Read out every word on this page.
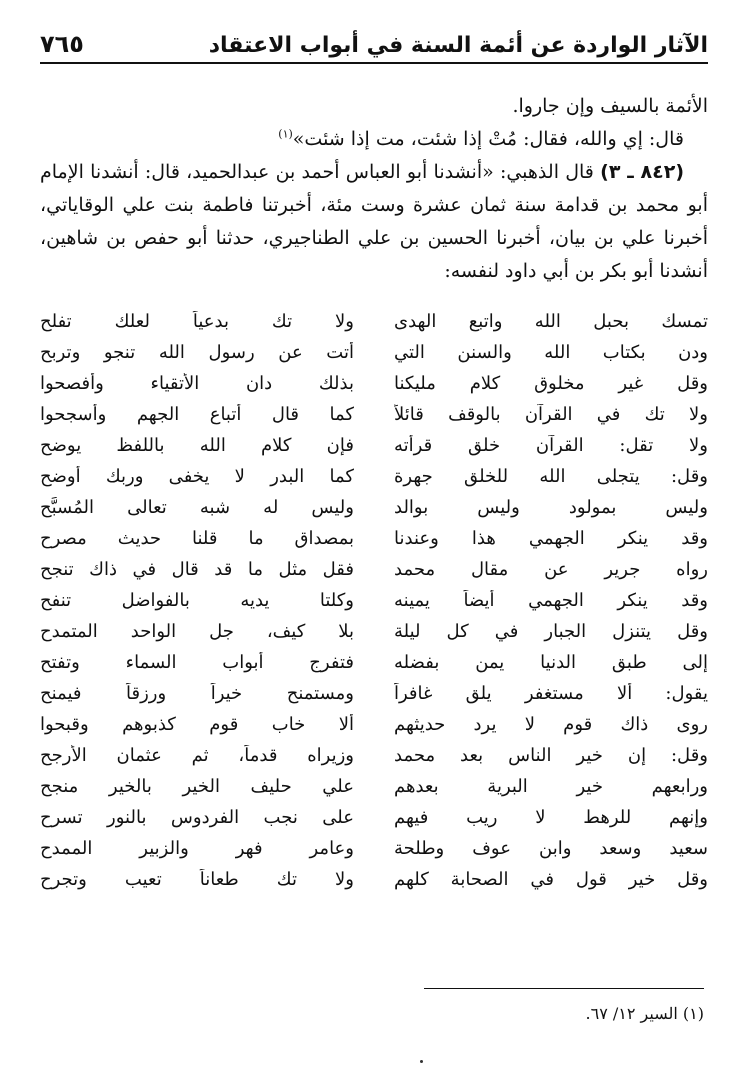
الآثار الواردة عن أئمة السنة في أبواب الاعتقاد
٧٦٥

الأئمة بالسيف وإن جاروا.

قال: إي والله، فقال: مُتْ إذا شئت، مت إذا شئت»$^{(١)}$

(٨٤٢ ـ ٣) قال الذهبي: «أنشدنا أبو العباس أحمد بن عبدالحميد، قال: أنشدنا الإمام أبو محمد بن قدامة سنة ثمان عشرة وست مئة، أخبرتنا فاطمة بنت علي الوقاياتي، أخبرنا علي بن بيان، أخبرنا الحسين بن علي الطناجيري، حدثنا أبو حفص بن شاهين، أنشدنا أبو بكر بن أبي داود لنفسه:

تمسك بحبل الله واتبع الهدى
ولا تك بدعياً لعلك تفلح
ودن بكتاب الله والسنن التي
أتت عن رسول الله تنجو وتربح
وقل غير مخلوق كلام مليكنا
بذلك دان الأتقياء وأفصحوا
ولا تك في القرآن بالوقف قائلاً
كما قال أتباع الجهم وأسجحوا
ولا تقل: القرآن خلق قرأته
فإن كلام الله باللفظ يوضح
وقل: يتجلى الله للخلق جهرة
كما البدر لا يخفى وربك أوضح
وليس بمولود وليس بوالد
وليس له شبه تعالى المُسبَّح
وقد ينكر الجهمي هذا وعندنا
بمصداق ما قلنا حديث مصرح
رواه جرير عن مقال محمد
فقل مثل ما قد قال في ذاك تنجح
وقد ينكر الجهمي أيضاً يمينه
وكلتا يديه بالفواضل تنفح
وقل يتنزل الجبار في كل ليلة
بلا كيف، جل الواحد المتمدح
إلى طبق الدنيا يمن بفضله
فتفرج أبواب السماء وتفتح
يقول: ألا مستغفر يلق غافراً
ومستمنح خيراً ورزقاً فيمنح
روى ذاك قوم لا يرد حديثهم
ألا خاب قوم كذبوهم وقبحوا
وقل: إن خير الناس بعد محمد
وزيراه قدماً، ثم عثمان الأرجح
ورابعهم خير البرية بعدهم
علي حليف الخير بالخير منجح
وإنهم للرهط لا ريب فيهم
على نجب الفردوس بالنور تسرح
سعيد وسعد وابن عوف وطلحة
وعامر فهر والزبير الممدح
وقل خير قول في الصحابة كلهم
ولا تك طعاناً تعيب وتجرح
(١) السير ١٢/ ٦٧.
